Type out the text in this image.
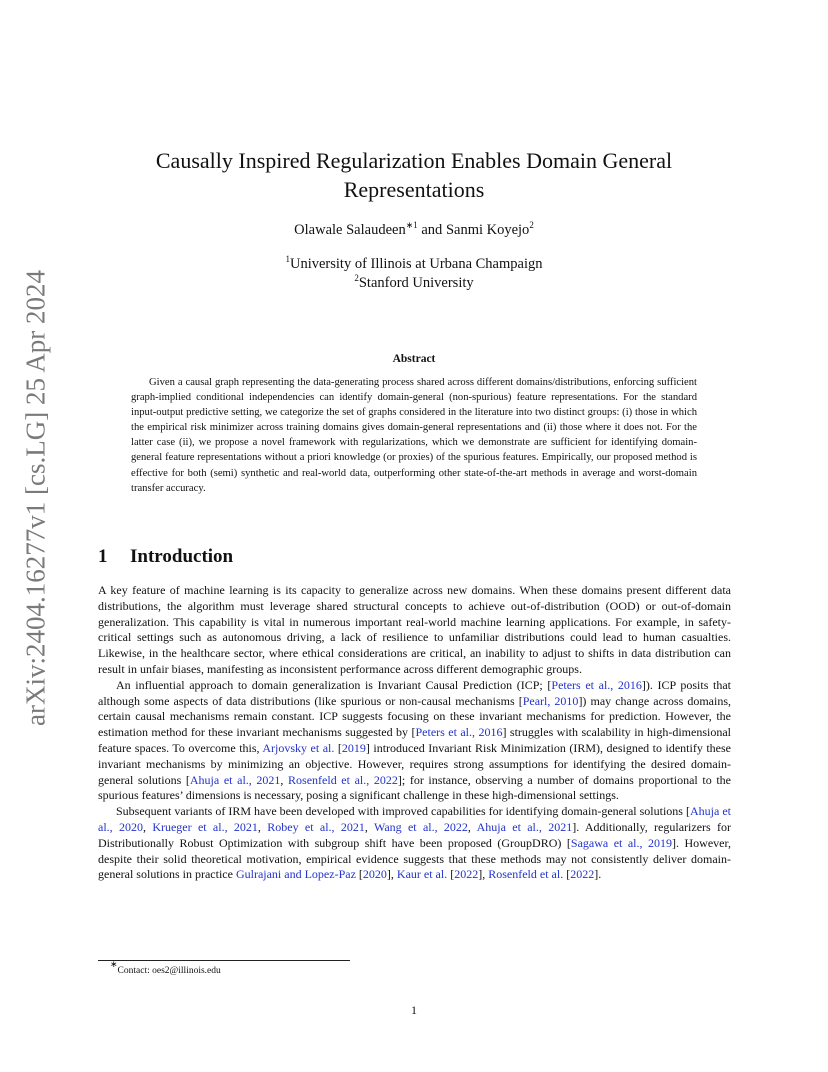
arXiv:2404.16277v1 [cs.LG] 25 Apr 2024
Causally Inspired Regularization Enables Domain General
Representations
Olawale Salaudeen$^{∗1}$ and Sanmi Koyejo$^2$
$^1$University of Illinois at Urbana Champaign
$^2$Stanford University
Abstract

Given a causal graph representing the data-generating process shared across different domains/distributions, enforcing sufficient graph-implied conditional independencies can identify domain-general (non-spurious) feature representations. For the standard input-output predictive setting, we categorize the set of graphs considered in the literature into two distinct groups: (i) those in which the empirical risk minimizer across training domains gives domain-general representations and (ii) those where it does not. For the latter case (ii), we propose a novel framework with regularizations, which we demonstrate are sufficient for identifying domain-general feature representations without a priori knowledge (or proxies) of the spurious features. Empirically, our proposed method is effective for both (semi) synthetic and real-world data, outperforming other state-of-the-art methods in average and worst-domain transfer accuracy.

1 Introduction

A key feature of machine learning is its capacity to generalize across new domains. When these domains present different data distributions, the algorithm must leverage shared structural concepts to achieve out-of-distribution (OOD) or out-of-domain generalization. This capability is vital in numerous important real-world machine learning applications. For example, in safety-critical settings such as autonomous driving, a lack of resilience to unfamiliar distributions could lead to human casualties. Likewise, in the healthcare sector, where ethical considerations are critical, an inability to adjust to shifts in data distribution can result in unfair biases, manifesting as inconsistent performance across different demographic groups.

An influential approach to domain generalization is Invariant Causal Prediction (ICP; [Peters et al., 2016]). ICP posits that although some aspects of data distributions (like spurious or non-causal mechanisms [Pearl, 2010]) may change across domains, certain causal mechanisms remain constant. ICP suggests focusing on these invariant mechanisms for prediction. However, the estimation method for these invariant mechanisms suggested by [Peters et al., 2016] struggles with scalability in high-dimensional feature spaces. To overcome this, Arjovsky et al. [2019] introduced Invariant Risk Minimization (IRM), designed to identify these invariant mechanisms by minimizing an objective. However, requires strong assumptions for identifying the desired domain-general solutions [Ahuja et al., 2021, Rosenfeld et al., 2022]; for instance, observing a number of domains proportional to the spurious features’ dimensions is necessary, posing a significant challenge in these high-dimensional settings.

Subsequent variants of IRM have been developed with improved capabilities for identifying domain-general solutions [Ahuja et al., 2020, Krueger et al., 2021, Robey et al., 2021, Wang et al., 2022, Ahuja et al., 2021]. Additionally, regularizers for Distributionally Robust Optimization with subgroup shift have been proposed (GroupDRO) [Sagawa et al., 2019]. However, despite their solid theoretical motivation, empirical evidence suggests that these methods may not consistently deliver domain-general solutions in practice Gulrajani and Lopez-Paz [2020], Kaur et al. [2022], Rosenfeld et al. [2022].

∗Contact: oes2@illinois.edu
1
